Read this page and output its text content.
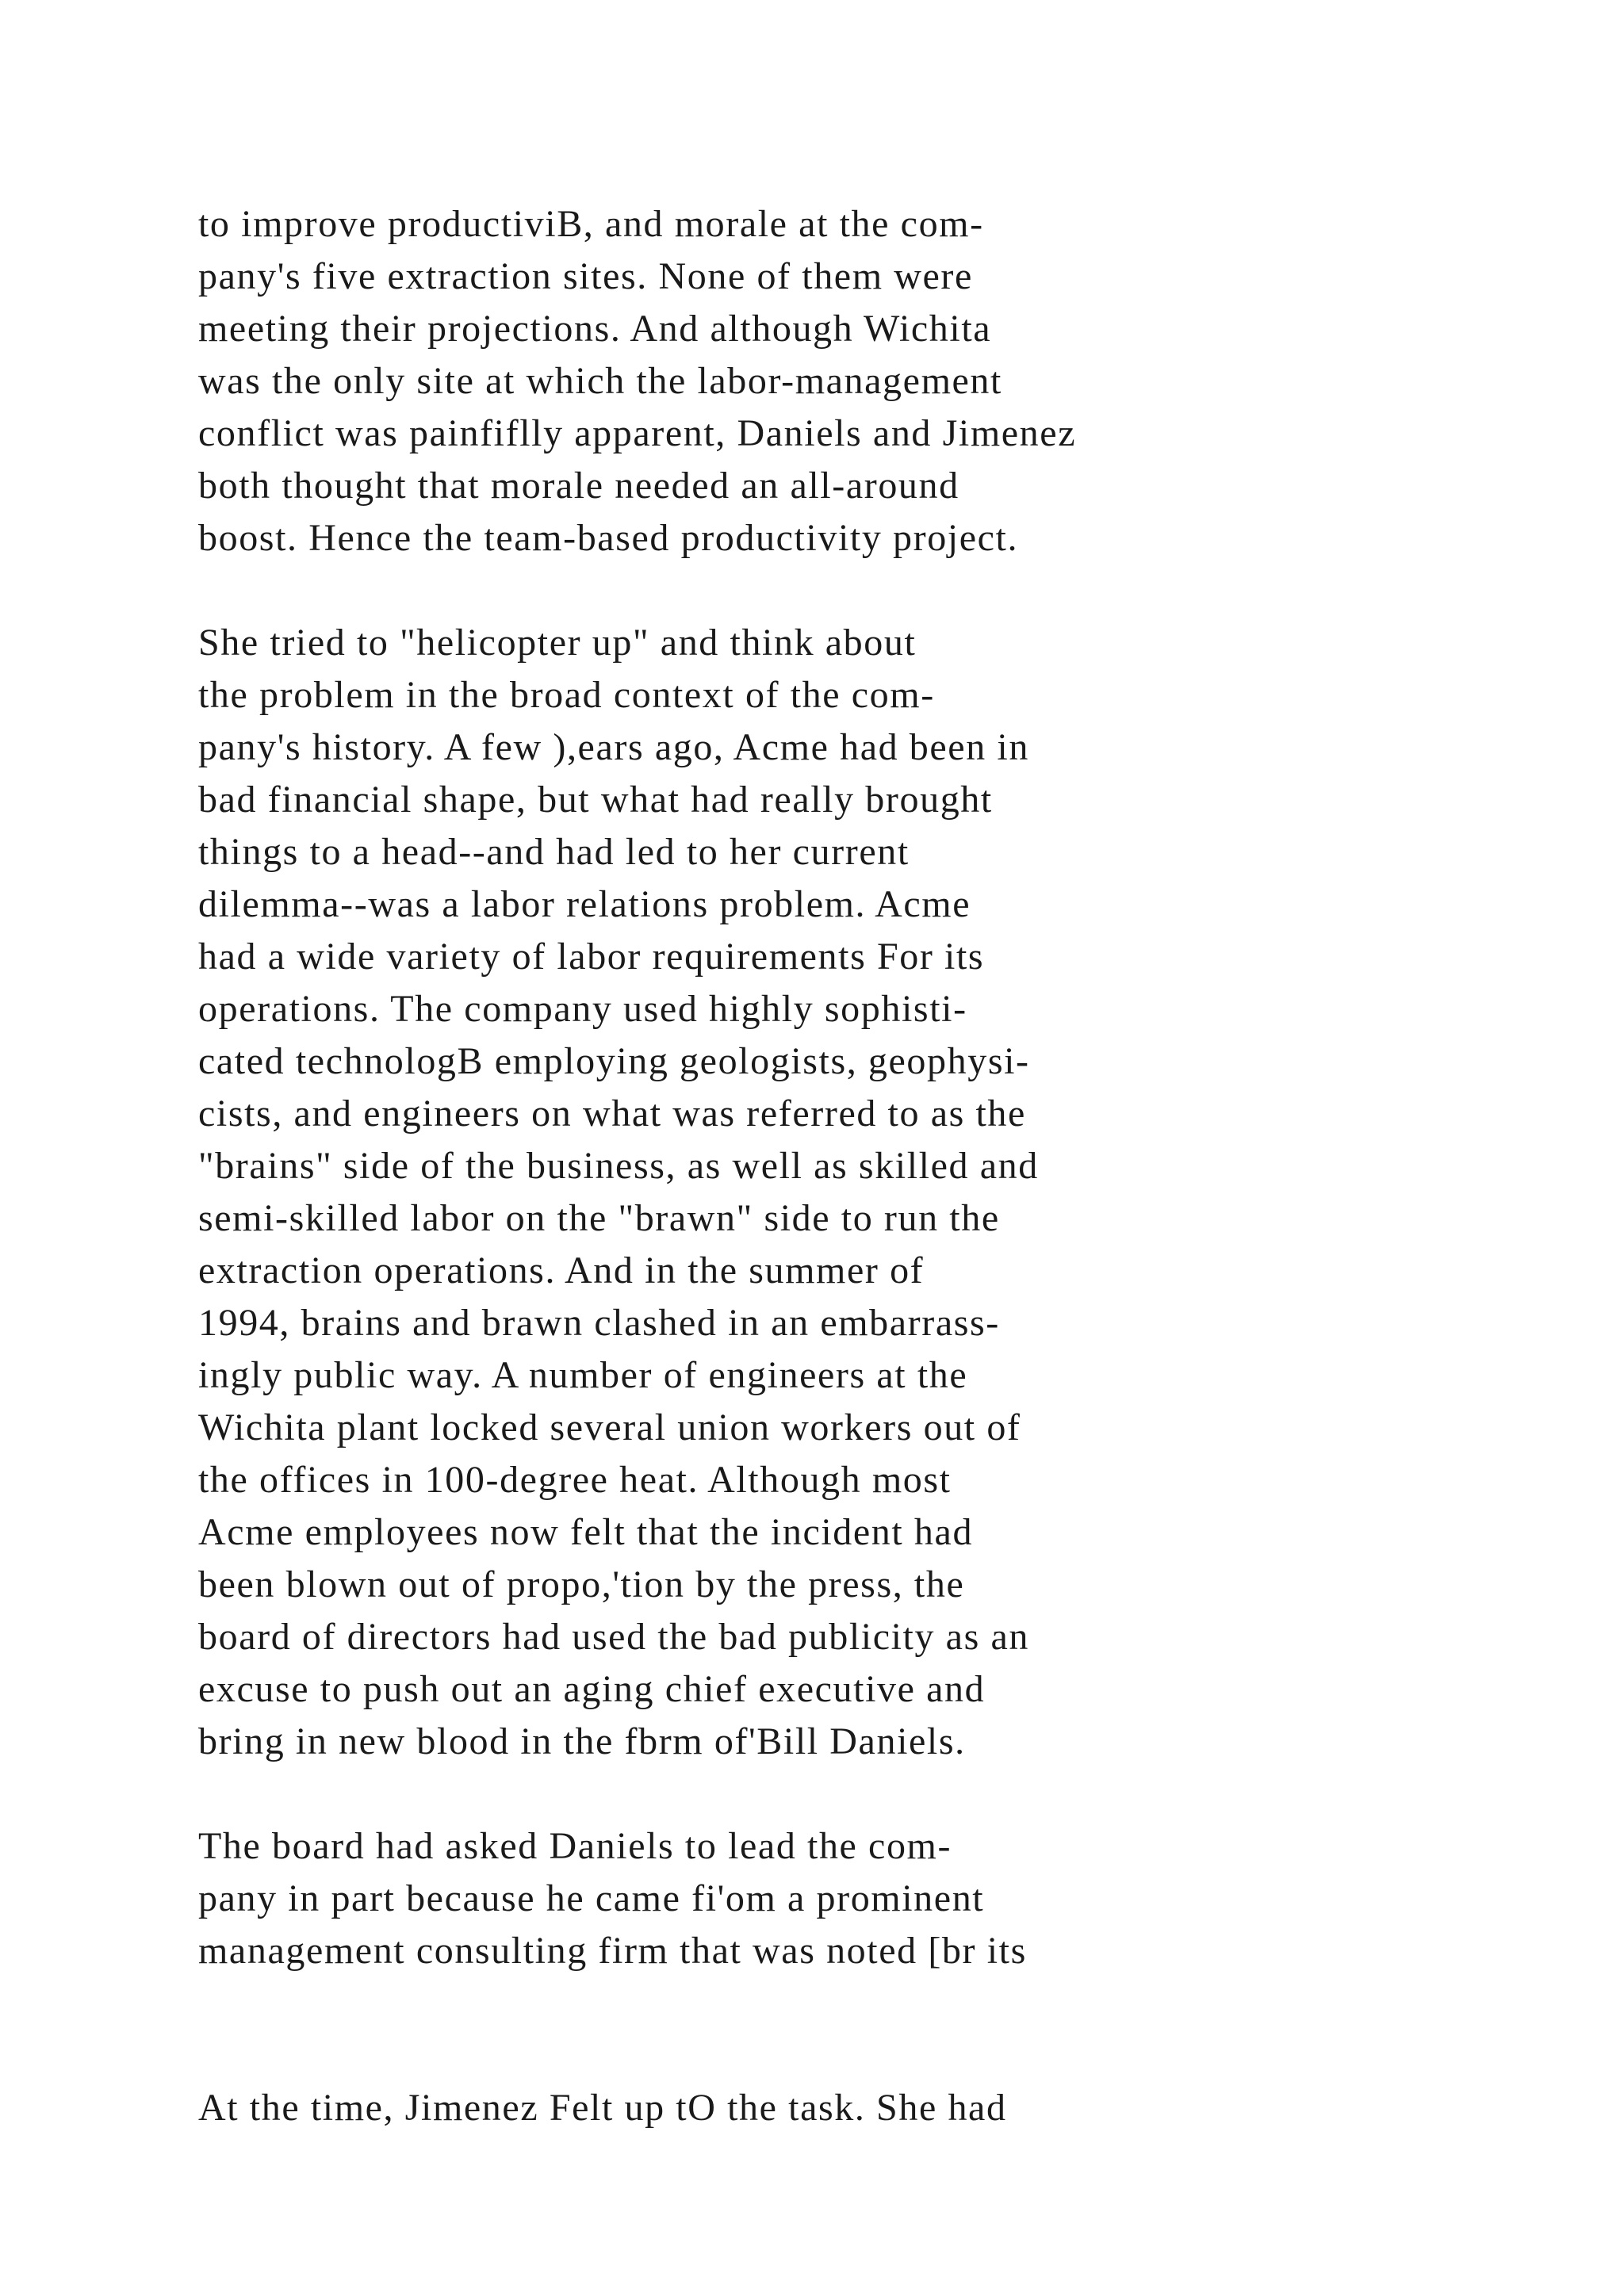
to improve productiviB, and morale at the com-
pany's five extraction sites. None of them were
meeting their projections. And although Wichita
was the only site at which the labor-management
conflict was painfiflly apparent, Daniels and Jimenez
both thought that morale needed an all-around
boost. Hence the team-based productivity project.

She tried to "helicopter up" and think about
the problem in the broad context of the com-
pany's history. A few ),ears ago, Acme had been in
bad financial shape, but what had really brought
things to a head--and had led to her current
dilemma--was a labor relations problem. Acme
had a wide variety of labor requirements For its
operations. The company used highly sophisti-
cated technologB employing geologists, geophysi-
cists, and engineers on what was referred to as the
"brains" side of the business, as well as skilled and
semi-skilled labor on the "brawn" side to run the
extraction operations. And in the summer of
1994, brains and brawn clashed in an embarrass-
ingly public way. A number of engineers at the
Wichita plant locked several union workers out of
the offices in 100-degree heat. Although most
Acme employees now felt that the incident had
been blown out of propo,'tion by the press, the
board of directors had used the bad publicity as an
excuse to push out an aging chief executive and
bring in new blood in the fbrm of'Bill Daniels.

The board had asked Daniels to lead the com-
pany in part because he came fi'om a prominent
management consulting firm that was noted [br its

At the time, Jimenez Felt up tO the task. She had
